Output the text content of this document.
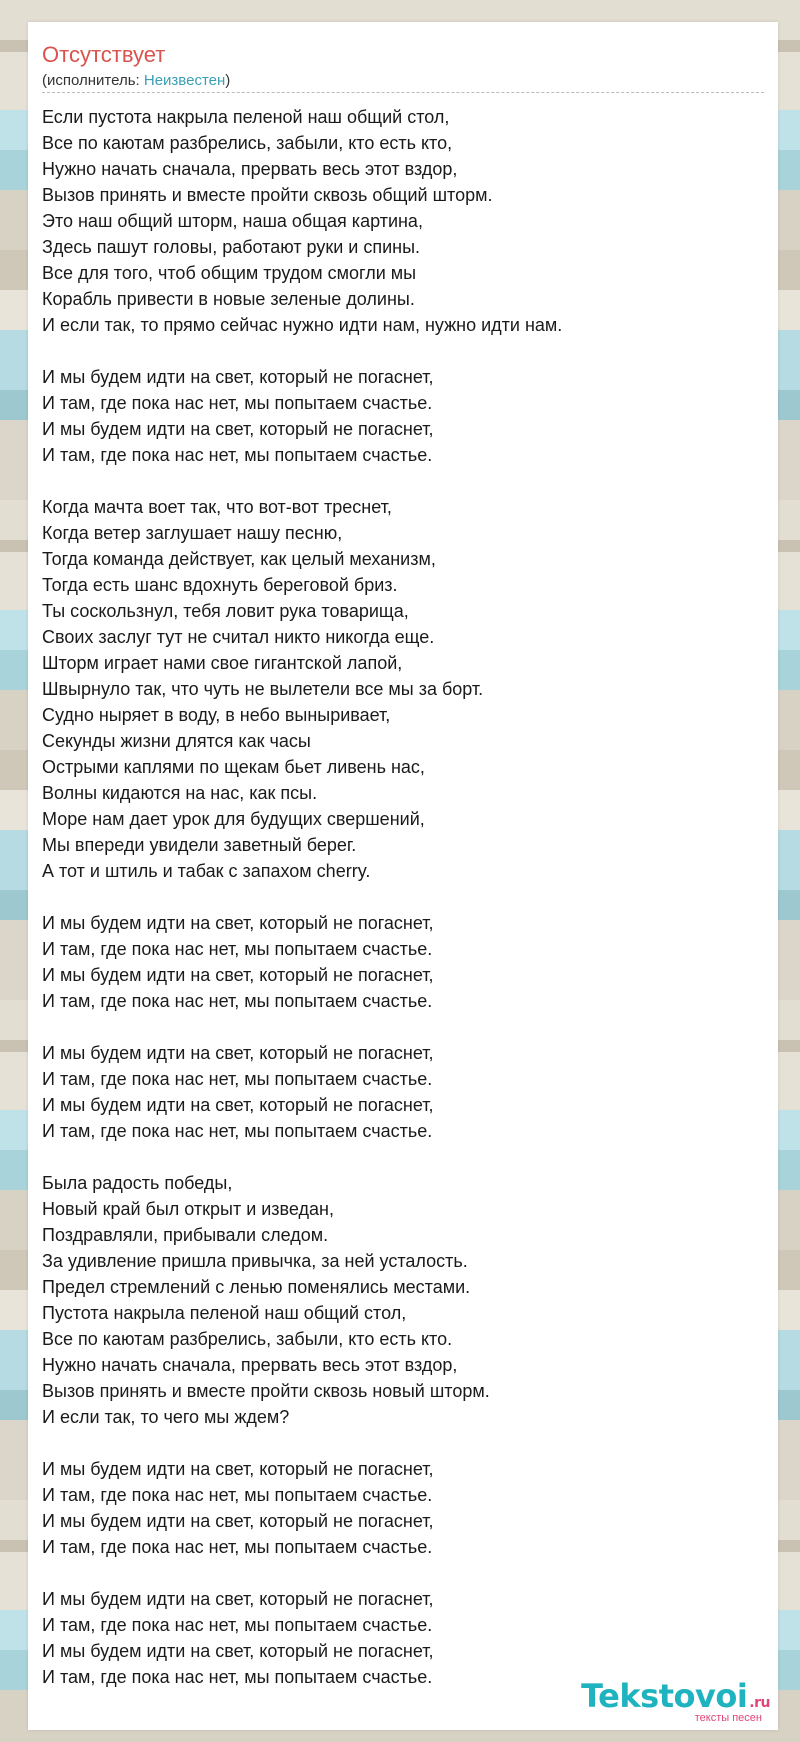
Отсутствует
(исполнитель: Неизвестен)
Если пустота накрыла пеленой наш общий стол,
Все по каютам разбрелись, забыли, кто есть кто,
Нужно начать сначала, прервать весь этот вздор,
Вызов принять и вместе пройти сквозь общий шторм.
Это наш общий шторм, наша общая картина,
Здесь пашут головы, работают руки и спины.
Все для того, чтоб общим трудом смогли мы
Корабль привести в новые зеленые долины.
И если так, то прямо сейчас нужно идти нам, нужно идти нам.
И мы будем идти на свет, который не погаснет,
И там, где пока нас нет, мы попытаем счастье.
И мы будем идти на свет, который не погаснет,
И там, где пока нас нет, мы попытаем счастье.
Когда мачта воет так, что вот-вот треснет,
Когда ветер заглушает нашу песню,
Тогда команда действует, как целый механизм,
Тогда есть шанс вдохнуть береговой бриз.
Ты соскользнул, тебя ловит рука товарища,
Своих заслуг тут не считал никто никогда еще.
Шторм играет нами свое гигантской лапой,
Швырнуло так, что чуть не вылетели все мы за борт.
Судно ныряет в воду, в небо выныривает,
Секунды жизни длятся как часы
Острыми каплями по щекам бьет ливень нас,
Волны кидаются на нас, как псы.
Море нам дает урок для будущих свершений,
Мы впереди увидели заветный берег.
А тот и штиль и табак с запахом cherry.
И мы будем идти на свет, который не погаснет,
И там, где пока нас нет, мы попытаем счастье.
И мы будем идти на свет, который не погаснет,
И там, где пока нас нет, мы попытаем счастье.
И мы будем идти на свет, который не погаснет,
И там, где пока нас нет, мы попытаем счастье.
И мы будем идти на свет, который не погаснет,
И там, где пока нас нет, мы попытаем счастье.
Была радость победы,
Новый край был открыт и изведан,
Поздравляли, прибывали следом.
За удивление пришла привычка, за ней усталость.
Предел стремлений с ленью поменялись местами.
Пустота накрыла пеленой наш общий стол,
Все по каютам разбрелись, забыли, кто есть кто.
Нужно начать сначала, прервать весь этот вздор,
Вызов принять и вместе пройти сквозь новый шторм.
И если так, то чего мы ждем?
И мы будем идти на свет, который не погаснет,
И там, где пока нас нет, мы попытаем счастье.
И мы будем идти на свет, который не погаснет,
И там, где пока нас нет, мы попытаем счастье.
И мы будем идти на свет, который не погаснет,
И там, где пока нас нет, мы попытаем счастье.
И мы будем идти на свет, который не погаснет,
И там, где пока нас нет, мы попытаем счастье.	Tekstovoi .ru
тексты песен
